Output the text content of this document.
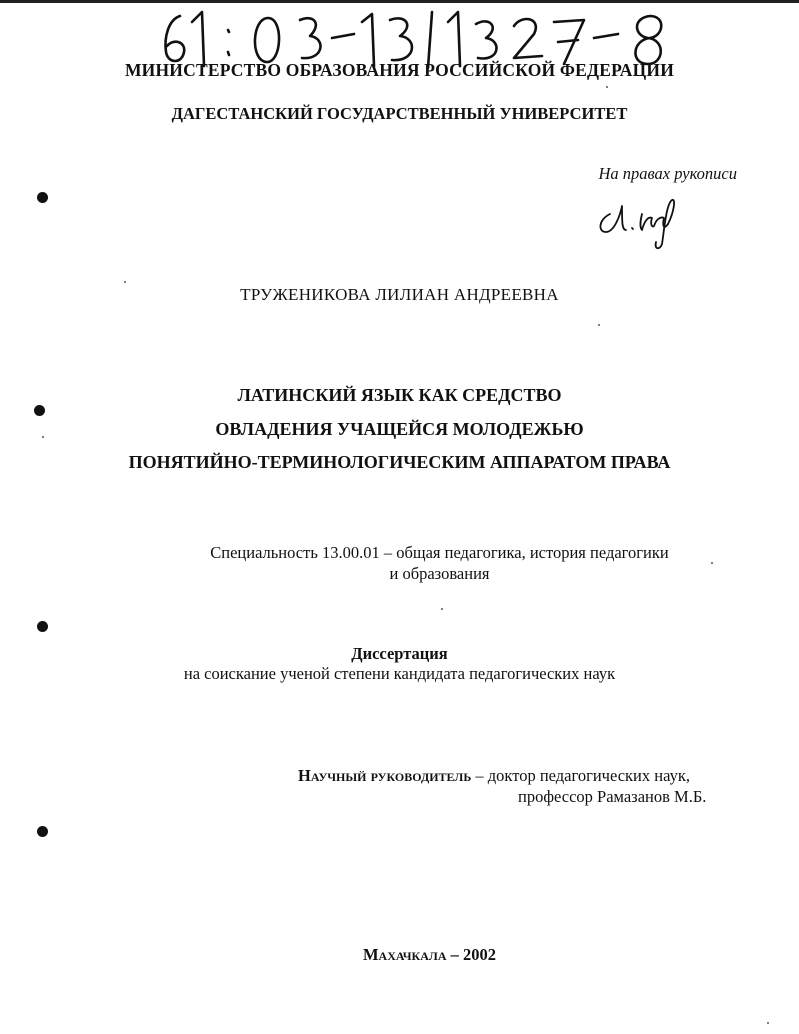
МИНИСТЕРСТВО ОБРАЗОВАНИЯ РОССИЙСКОЙ ФЕДЕРАЦИИ
ДАГЕСТАНСКИЙ ГОСУДАРСТВЕННЫЙ УНИВЕРСИТЕТ
На правах рукописи
ТРУЖЕНИКОВА ЛИЛИАН АНДРЕЕВНА
ЛАТИНСКИЙ ЯЗЫК КАК СРЕДСТВО
ОВЛАДЕНИЯ УЧАЩЕЙСЯ МОЛОДЕЖЬЮ
ПОНЯТИЙНО-ТЕРМИНОЛОГИЧЕСКИМ АППАРАТОМ ПРАВА
Специальность 13.00.01 – общая педагогика, история педагогики
и образования
Диссертация
на соискание ученой степени кандидата педагогических наук
Научный руководитель – доктор педагогических наук,
профессор Рамазанов М.Б.
Махачкала – 2002
